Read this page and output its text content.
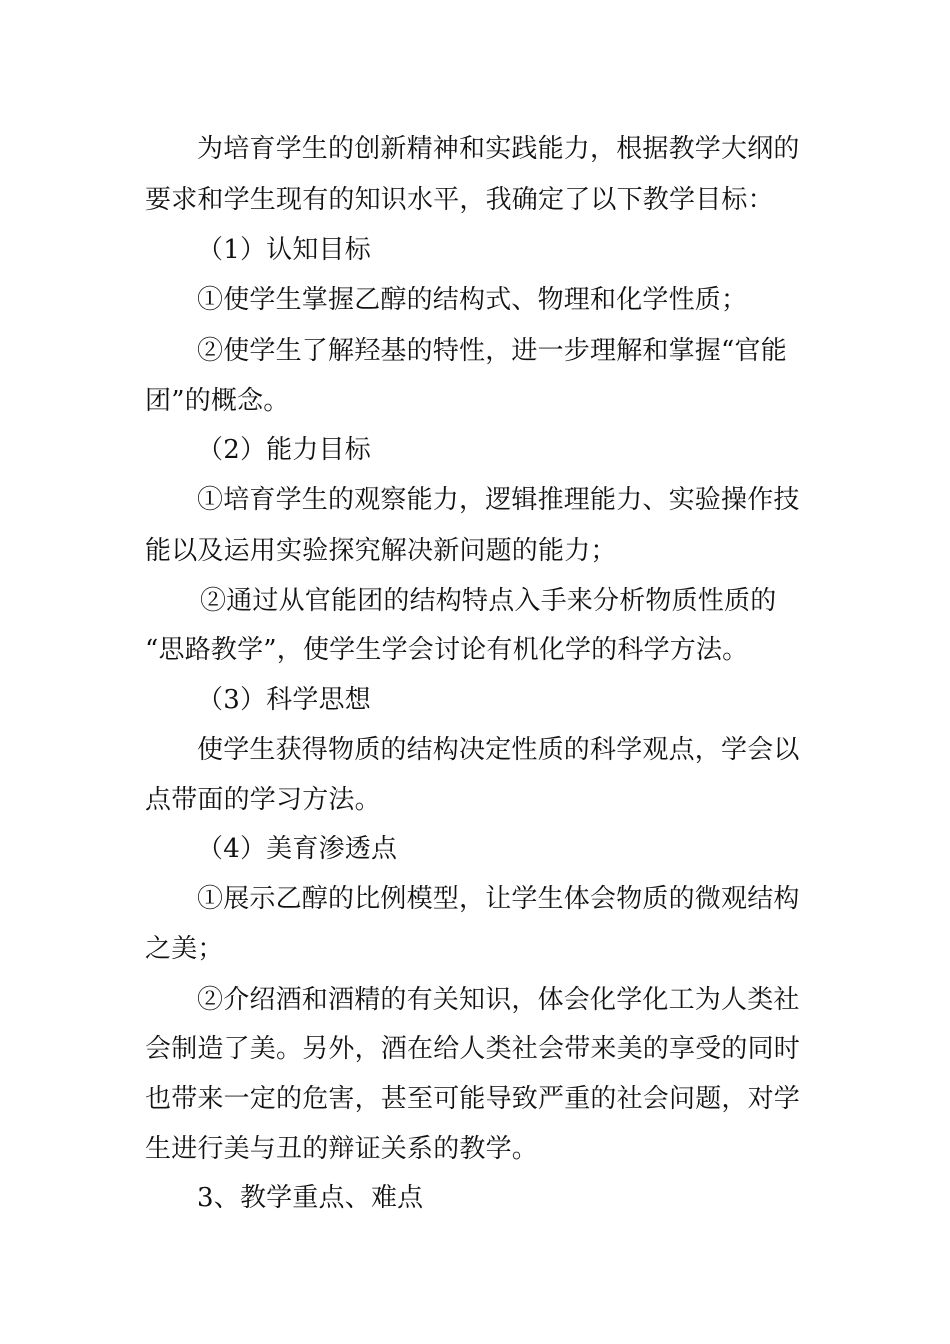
为培育学生的创新精神和实践能力，根据教学大纲的
要求和学生现有的知识水平，我确定了以下教学目标：
（1）认知目标
①使学生掌握乙醇的结构式、物理和化学性质；
②使学生了解羟基的特性，进一步理解和掌握“官能
团”的概念。
（2）能力目标
①培育学生的观察能力，逻辑推理能力、实验操作技
能以及运用实验探究解决新问题的能力；
②通过从官能团的结构特点入手来分析物质性质的
“思路教学”，使学生学会讨论有机化学的科学方法。
（3）科学思想
使学生获得物质的结构决定性质的科学观点，学会以
点带面的学习方法。
（4）美育渗透点
①展示乙醇的比例模型，让学生体会物质的微观结构
之美；
②介绍酒和酒精的有关知识，体会化学化工为人类社
会制造了美。另外，酒在给人类社会带来美的享受的同时
也带来一定的危害，甚至可能导致严重的社会问题，对学
生进行美与丑的辩证关系的教学。
3、教学重点、难点
